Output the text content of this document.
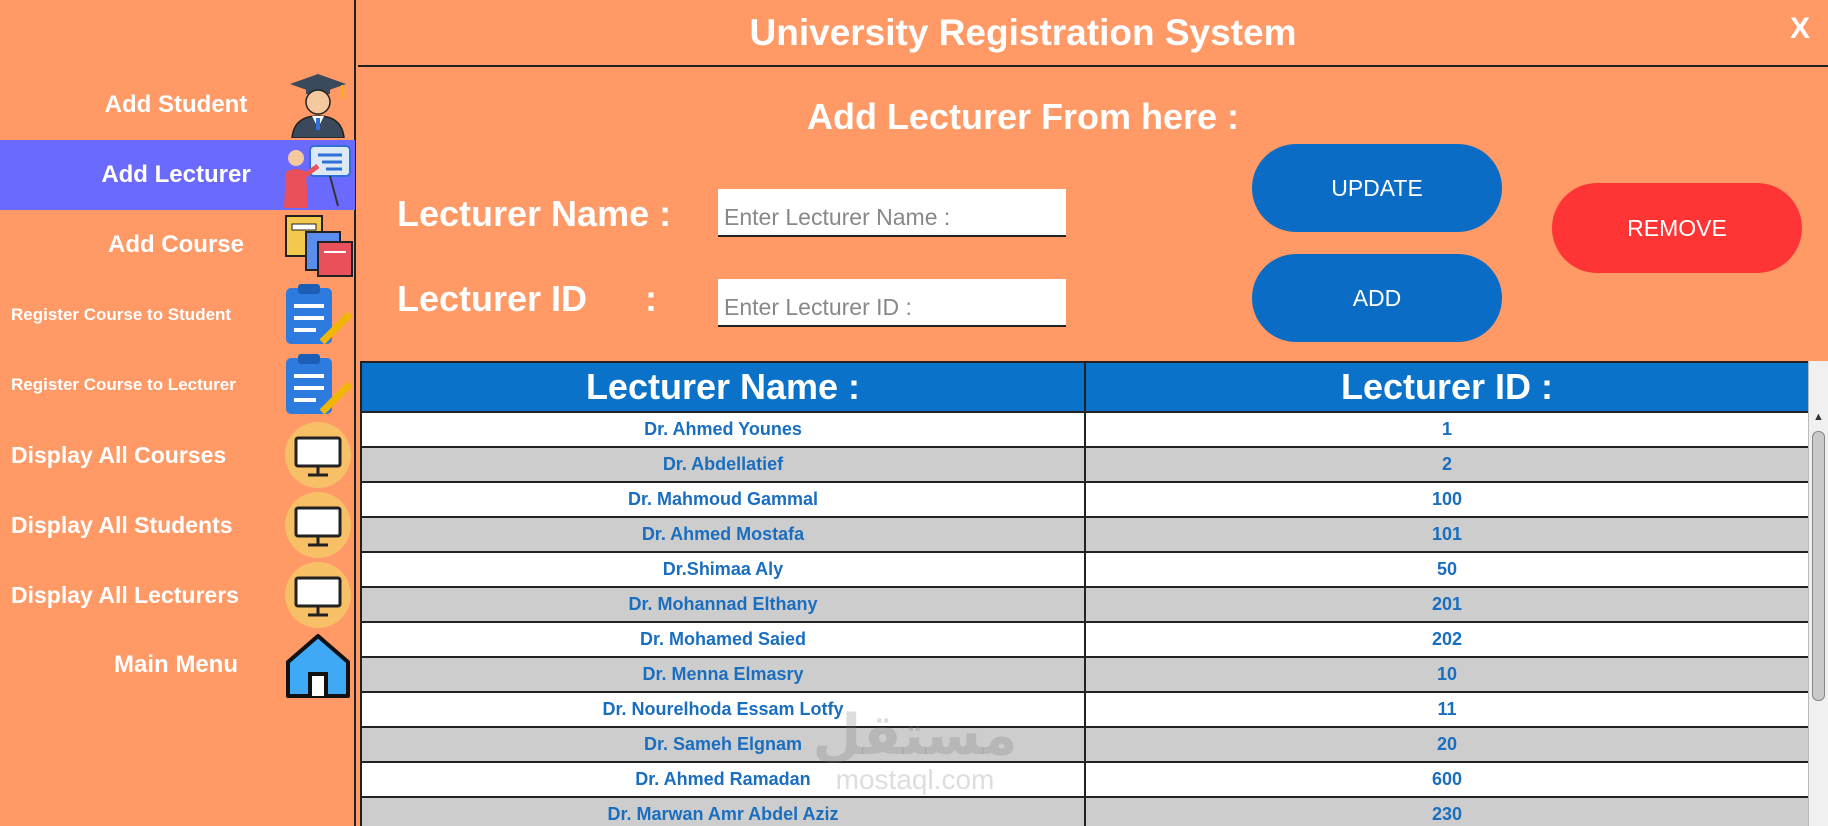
Add Student
Add Lecturer
Add Course
Register Course to Student
Register Course to Lecturer
Display All Courses
Display All Students
Display All Lecturers
Main Menu
University Registration System	X
Add Lecturer From here :
Lecturer Name :
Enter Lecturer Name :
Lecturer ID :
Enter Lecturer ID :
UPDATE
ADD
REMOVE
Lecturer Name :	Lecturer ID :
Dr. Ahmed Younes	1
Dr. Abdellatief	2
Dr. Mahmoud Gammal	100
Dr. Ahmed Mostafa	101
Dr.Shimaa Aly	50
Dr. Mohannad Elthany	201
Dr. Mohamed Saied	202
Dr. Menna Elmasry	10
Dr. Nourelhoda Essam Lotfy	11
Dr. Sameh Elgnam	20
Dr. Ahmed Ramadan	600
Dr. Marwan Amr Abdel Aziz	230
▲
مستقل
mostaql.com
